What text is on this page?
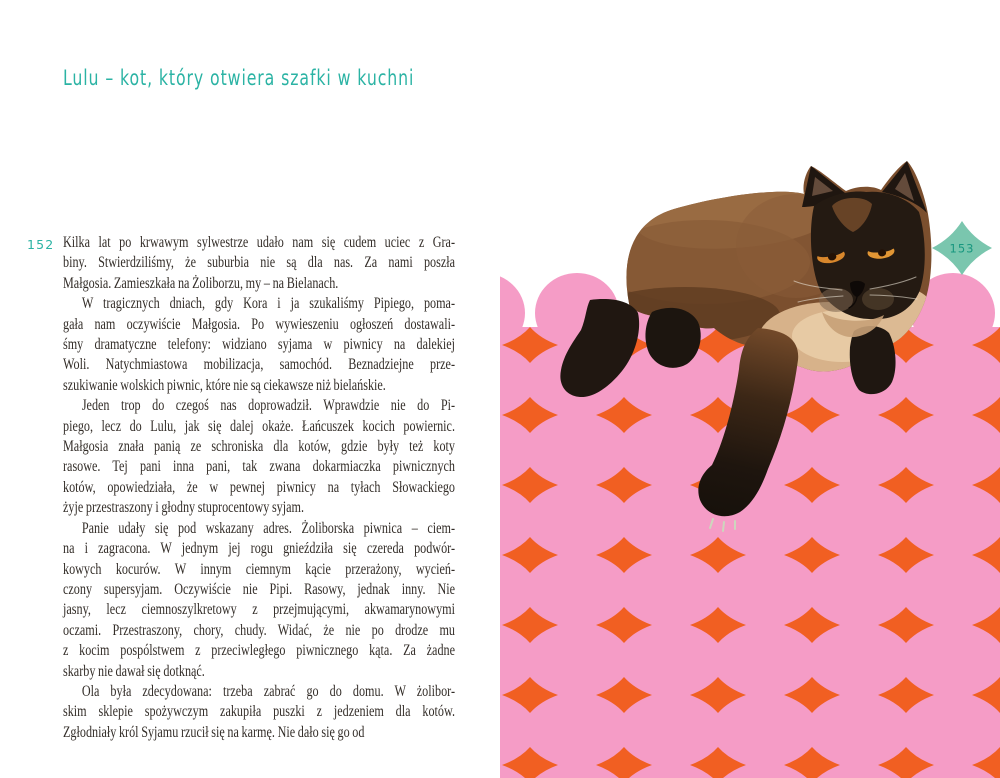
152
Lulu – kot, który otwiera szafki w kuchni
Kilka lat po krwawym sylwestrze udało nam się cudem uciec z Gra-
biny. Stwierdziliśmy, że suburbia nie są dla nas. Za nami poszła
Małgosia. Zamieszkała na Żoliborzu, my – na Bielanach.
W tragicznych dniach, gdy Kora i ja szukaliśmy Pipiego, poma-
gała nam oczywiście Małgosia. Po wywieszeniu ogłoszeń dostawali-
śmy dramatyczne telefony: widziano syjama w piwnicy na dalekiej
Woli. Natychmiastowa mobilizacja, samochód. Beznadziejne prze-
szukiwanie wolskich piwnic, które nie są ciekawsze niż bielańskie.
Jeden trop do czegoś nas doprowadził. Wprawdzie nie do Pi-
piego, lecz do Lulu, jak się dalej okaże. Łańcuszek kocich powiernic.
Małgosia znała panią ze schroniska dla kotów, gdzie były też koty
rasowe. Tej pani inna pani, tak zwana dokarmiaczka piwnicznych
kotów, opowiedziała, że w pewnej piwnicy na tyłach Słowackiego
żyje przestraszony i głodny stuprocentowy syjam.
Panie udały się pod wskazany adres. Żoliborska piwnica – ciem-
na i zagracona. W jednym jej rogu gnieździła się czereda podwór-
kowych kocurów. W innym ciemnym kącie przerażony, wycień-
czony supersyjam. Oczywiście nie Pipi. Rasowy, jednak inny. Nie
jasny, lecz ciemnoszylkretowy z przejmującymi, akwamarynowymi
oczami. Przestraszony, chory, chudy. Widać, że nie po drodze mu
z kocim pospólstwem z przeciwległego piwnicznego kąta. Za żadne
skarby nie dawał się dotknąć.
Ola była zdecydowana: trzeba zabrać go do domu. W żolibor-
skim sklepie spożywczym zakupiła puszki z jedzeniem dla kotów.
Zgłodniały król Syjamu rzucił się na karmę. Nie dało się go od
153
